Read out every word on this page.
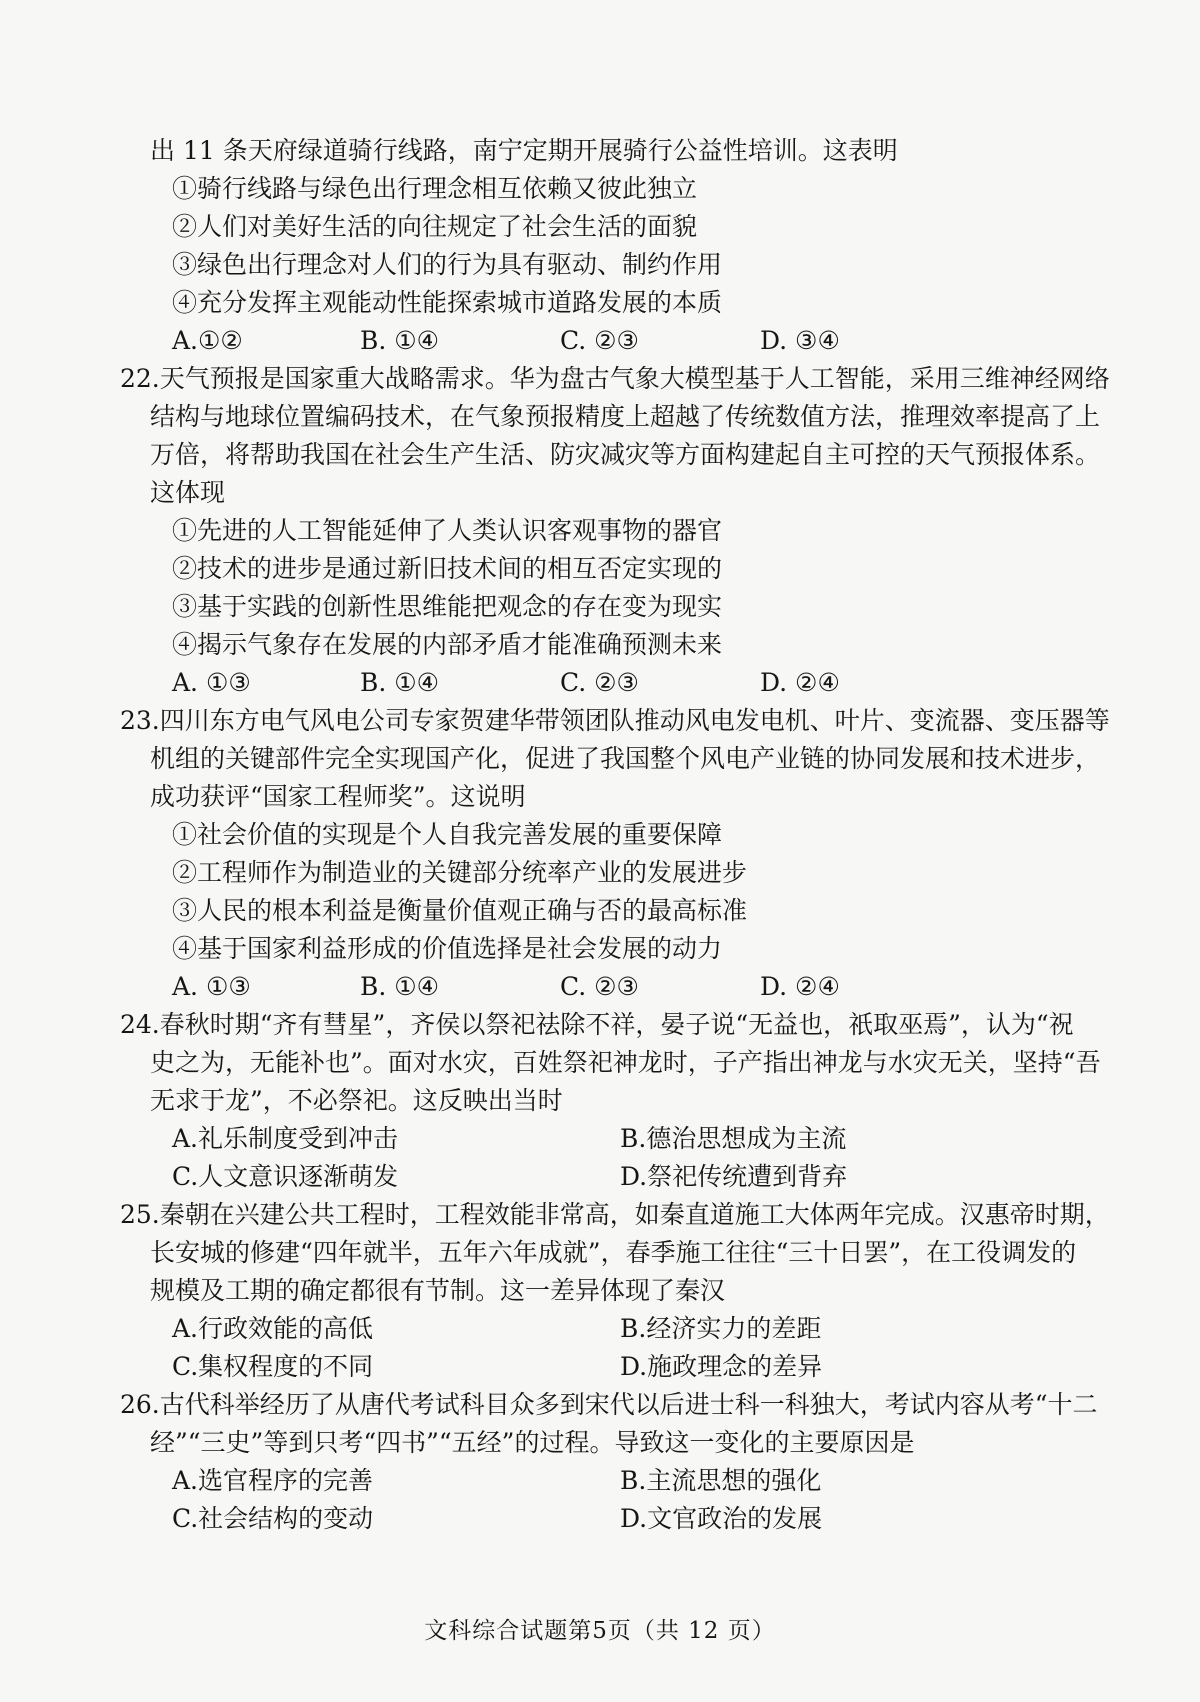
出 11 条天府绿道骑行线路，南宁定期开展骑行公益性培训。这表明
①骑行线路与绿色出行理念相互依赖又彼此独立
②人们对美好生活的向往规定了社会生活的面貌
③绿色出行理念对人们的行为具有驱动、制约作用
④充分发挥主观能动性能探索城市道路发展的本质
A.①②	B. ①④	C. ②③	D. ③④
22.天气预报是国家重大战略需求。华为盘古气象大模型基于人工智能，采用三维神经网络
结构与地球位置编码技术，在气象预报精度上超越了传统数值方法，推理效率提高了上
万倍，将帮助我国在社会生产生活、防灾减灾等方面构建起自主可控的天气预报体系。
这体现
①先进的人工智能延伸了人类认识客观事物的器官
②技术的进步是通过新旧技术间的相互否定实现的
③基于实践的创新性思维能把观念的存在变为现实
④揭示气象存在发展的内部矛盾才能准确预测未来
A. ①③	B. ①④	C. ②③	D. ②④
23.四川东方电气风电公司专家贺建华带领团队推动风电发电机、叶片、变流器、变压器等
机组的关键部件完全实现国产化，促进了我国整个风电产业链的协同发展和技术进步，
成功获评“国家工程师奖”。这说明
①社会价值的实现是个人自我完善发展的重要保障
②工程师作为制造业的关键部分统率产业的发展进步
③人民的根本利益是衡量价值观正确与否的最高标准
④基于国家利益形成的价值选择是社会发展的动力
A. ①③	B. ①④	C. ②③	D. ②④
24.春秋时期“齐有彗星”，齐侯以祭祀祛除不祥，晏子说“无益也，祇取巫焉”，认为“祝
史之为，无能补也”。面对水灾，百姓祭祀神龙时，子产指出神龙与水灾无关，坚持“吾
无求于龙”，不必祭祀。这反映出当时
A.礼乐制度受到冲击	B.德治思想成为主流
C.人文意识逐渐萌发	D.祭祀传统遭到背弃
25.秦朝在兴建公共工程时，工程效能非常高，如秦直道施工大体两年完成。汉惠帝时期，
长安城的修建“四年就半，五年六年成就”，春季施工往往“三十日罢”，在工役调发的
规模及工期的确定都很有节制。这一差异体现了秦汉
A.行政效能的高低	B.经济实力的差距
C.集权程度的不同	D.施政理念的差异
26.古代科举经历了从唐代考试科目众多到宋代以后进士科一科独大，考试内容从考“十二
经”“三史”等到只考“四书”“五经”的过程。导致这一变化的主要原因是
A.选官程序的完善	B.主流思想的强化
C.社会结构的变动	D.文官政治的发展
文科综合试题第5页（共 12 页）
